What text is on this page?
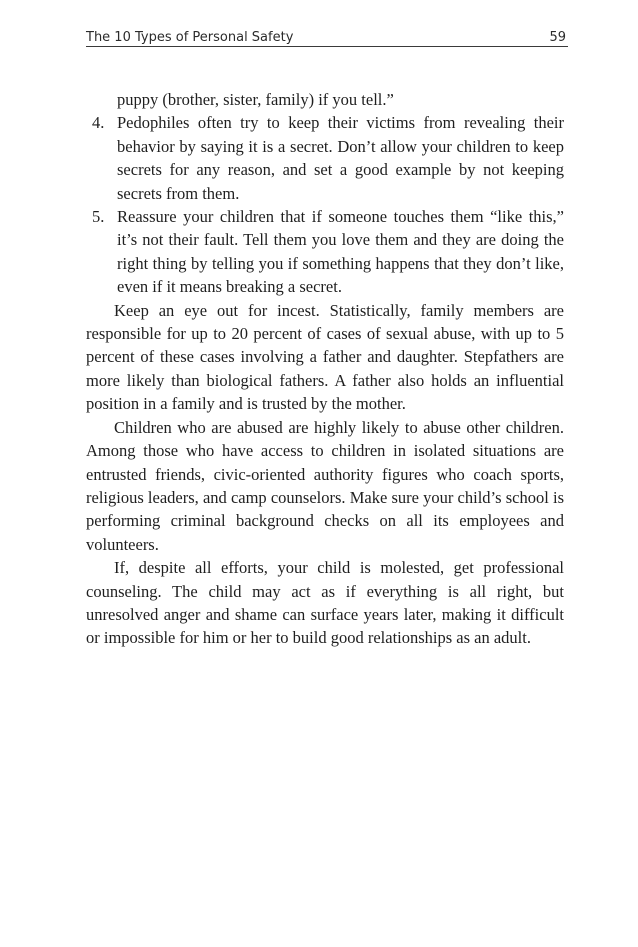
The 10 Types of Personal Safety	59

puppy (brother, sister, family) if you tell.”

4. Pedophiles often try to keep their victims from revealing their behavior by saying it is a secret. Don’t allow your children to keep secrets for any reason, and set a good example by not keeping secrets from them.
5. Reassure your children that if someone touches them “like this,” it’s not their fault. Tell them you love them and they are doing the right thing by telling you if something happens that they don’t like, even if it means breaking a secret.

Keep an eye out for incest. Statistically, family members are responsible for up to 20 percent of cases of sexual abuse, with up to 5 percent of these cases involving a father and daughter. Stepfathers are more likely than biological fathers. A father also holds an influential position in a family and is trusted by the mother.

Children who are abused are highly likely to abuse other children. Among those who have access to children in isolated situations are entrusted friends, civic-oriented authority figures who coach sports, religious leaders, and camp counselors. Make sure your child’s school is performing criminal background checks on all its employees and volunteers.

If, despite all efforts, your child is molested, get professional counseling. The child may act as if everything is all right, but unresolved anger and shame can surface years later, making it difficult or impossible for him or her to build good relationships as an adult.
